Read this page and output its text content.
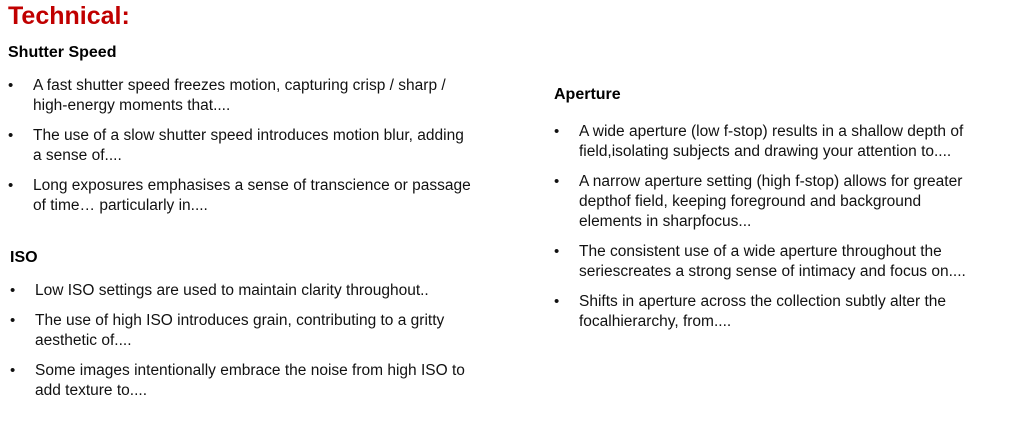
Technical:
Shutter Speed
• A fast shutter speed freezes motion, capturing crisp / sharp /
high-energy moments that....
• The use of a slow shutter speed introduces motion blur, adding
a sense of....
• Long exposures emphasises a sense of transcience or passage
of time… particularly in....
ISO
• Low ISO settings are used to maintain clarity throughout..
• The use of high ISO introduces grain, contributing to a gritty
aesthetic of....
• Some images intentionally embrace the noise from high ISO to
add texture to....
Aperture
• A wide aperture (low f-stop) results in a shallow depth of
field,isolating subjects and drawing your attention to....
• A narrow aperture setting (high f-stop) allows for greater
depthof field, keeping foreground and background
elements in sharpfocus...
• The consistent use of a wide aperture throughout the
seriescreates a strong sense of intimacy and focus on....
• Shifts in aperture across the collection subtly alter the
focalhierarchy, from....
